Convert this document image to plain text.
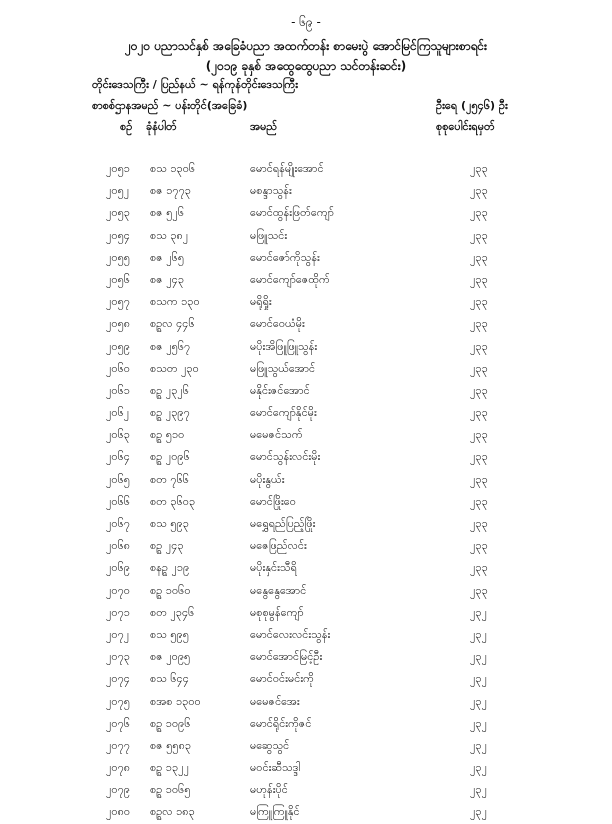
- ၆၉ -
၂၀၂၀ ပညာသင်နှစ် အခြေခံပညာ အထက်တန်း စာမေးပွဲ အောင်မြင်ကြသူများစာရင်း
(၂၀၁၉ ခုနှစ် အထွေထွေပညာ သင်တန်းဆင်း)
တိုင်းဒေသကြီး / ပြည်နယ် ~ ရန်ကုန်တိုင်းဒေသကြီး
စာစစ်ဌာနအမည် ~ ပန်းတိုင်(အခြေခံ)	ဦးရေ (၂၅၄၆) ဦး
စဉ် ခုံနံပါတ်	အမည်	စုစုပေါင်းရမှတ်
၂၀၅၁ စသ ၁၃၀၆	မောင်ရန်မျိုးအောင်	၂၃၃
၂၀၅၂ စဇ ၁၇၇၃	မစန္ဒာသွန်း	၂၃၃
၂၀၅၃ စဇ ၅၂၆	မောင်ထွန်းဖြတ်ကျော်	၂၃၃
၂၀၅၄ စသ ၃၈၂	မဖြူသင်း	၂၃၃
၂၀၅၅ စဇ ၂၆၅	မောင်ဇော်ကိုသွန်း	၂၃၃
၂၀၅၆ စဇ ၂၄၃	မောင်ကျော်ဇေထိုက်	၂၃၃
၂၀၅၇ စသက ၁၃၀	မရိုရှိုး	၂၃၃
၂၀၅၈ စဥ္ဂလ ၄၄၆	မောင်ဝေယံမိုး	၂၃၃
၂၀၅၉ စဇ ၂၅၆၇	မပိုးအိဖြူဖြူသွန်း	၂၃၃
၂၀၆၀ စသတ ၂၃၀	မဖြူသွယ်အောင်	၂၃၃
၂၀၆၁ စဥ္ဂ ၂၃၂၆	မနိုင်းဇင်အောင်	၂၃၃
၂၀၆၂ စဥ္ဂ ၂၃၉၇	မောင်ကျော်နိုင်မိုး	၂၃၃
၂၀၆၃ စဥ္ဂ ၅၁၀	မမေဇင်သက်	၂၃၃
၂၀၆၄ စဥ္ဂ ၂၀၉၆	မောင်သွန်းလင်းမိုး	၂၃၃
၂၀၆၅ စတ ၇၆၆	မပိုးနွယ်း	၂၃၃
၂၀၆၆ စတ ၃၆၀၃	မောင်ဖြိုးဝေ	၂၃၃
၂၀၆၇ စသ ၅၉၃	မရွှေရည်ပြည့်ဖြိုး	၂၃၃
၂၀၆၈ စဥ္ဂ ၂၄၃	မဇေဖြည်လင်း	၂၃၃
၂၀၆၉ စနဥ္ဂ ၂၁၉	မပိုးနှင်းသီရိ	၂၃၃
၂၀၇၀ စဥ္ဂ ၁၀၆၀	မနွေနွေအောင်	၂၃၃
၂၀၇၁ စတ ၂၃၄၆	မစုစုမွန်ကျော်	၂၃၂
၂၀၇၂ စသ ၅၉၅	မောင်လေးလင်းသွန်း	၂၃၂
၂၀၇၃ စဇ ၂၀၉၅	မောင်အောင်မြင့်ဦး	၂၃၂
၂၀၇၄ စသ ၆၄၄	မောင်ဝင်းမင်းကို	၂၃၂
၂၀၇၅ စအစ ၁၃၀၀	မမေဇင်အေး	၂၃၂
၂၀၇၆ စဥ္ဂ ၁၀၉၆	မောင်ရိုင်းကိုဇင်	၂၃၂
၂၀၇၇ စဇ ၅၅၈၃	မဆွေသွင်	၂၃၂
၂၀၇၈ စဥ္ဂ ၁၃၂၂	မဝင်းဆီသဒ္ဒါ	၂၃၂
၂၀၇၉ စဥ္ဂ ၁၀၆၅	မဟုန်းပိုင်	၂၃၂
၂၀၈၀ စဥ္ဂလ ၁၈၃	မကြူကြူနိုင်	၂၃၂
